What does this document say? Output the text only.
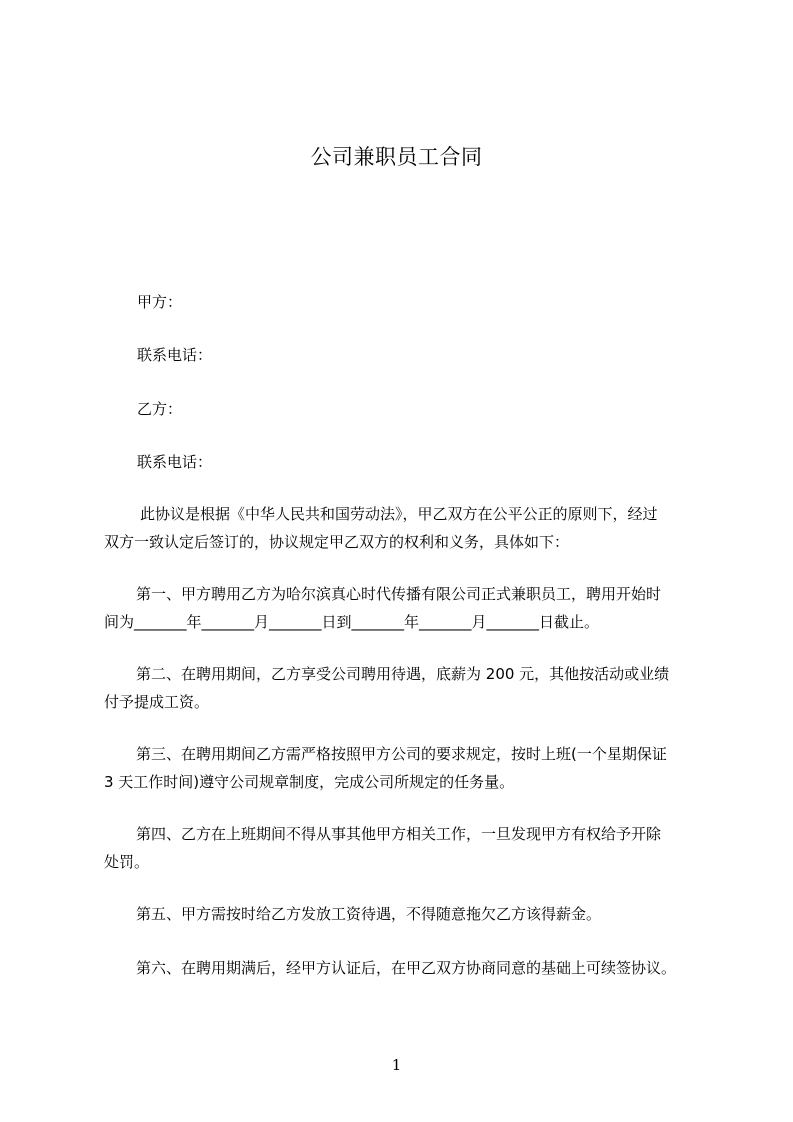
公司兼职员工合同

甲方：

联系电话：

乙方：

联系电话：

此协议是根据《中华人民共和国劳动法》，甲乙双方在公平公正的原则下，经过
双方一致认定后签订的，协议规定甲乙双方的权利和义务，具体如下：
第一、甲方聘用乙方为哈尔滨真心时代传播有限公司正式兼职员工，聘用开始时
间为_______年_______月_______日到_______年_______月_______日截止。
第二、在聘用期间，乙方享受公司聘用待遇，底薪为 200 元，其他按活动或业绩
付予提成工资。
第三、在聘用期间乙方需严格按照甲方公司的要求规定，按时上班(一个星期保证
3 天工作时间)遵守公司规章制度，完成公司所规定的任务量。
第四、乙方在上班期间不得从事其他甲方相关工作，一旦发现甲方有权给予开除
处罚。
第五、甲方需按时给乙方发放工资待遇，不得随意拖欠乙方该得薪金。
第六、在聘用期满后，经甲方认证后，在甲乙双方协商同意的基础上可续签协议。

1
